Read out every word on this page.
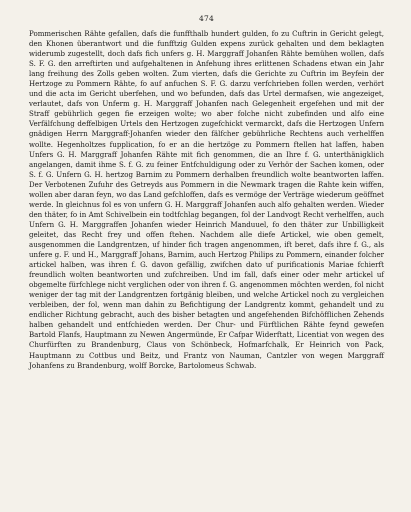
474

Pommerischen Rähte gefallen, dafs die funffthalb hundert gulden, fo zu Cuftrin in Gericht gelegt, den Khonen überantwort und die funfftzig Gulden expens zurück gehalten und dem beklagten widerumb zugestellt, doch dafs fich unfers g. H. Marggraff Johanfen Rähte bemühen wollen, dafs S. F. G. den arreftirten und aufgehaltenen in Anfehung ihres erlittenen Schadens etwan ein Jahr lang freihung des Zolls geben wolten. Zum vierten, dafs die Gerichte zu Cuftrin im Beyfein der Hertzoge zu Pommern Rähte, fo auf anfuchen S. F. G. darzu verfchrieben follen werden, verhört und die acta im Gericht uberfehen, und wo befunden, dafs das Urtel dermafsen, wie angezeiget, verlautet, dafs von Unferm g. H. Marggraff Johanfen nach Gelegenheit ergefehen und mit der Straff gebührlich gegen fie erzeigen wolte; wo aber folche nicht zubefinden und alfo eine Verfälfchung deffelbigen Urtels den Hertzogen zugefchickt vermarckt, dafs die Hertzogen Unfern gnädigen Herrn Marggraff-Johanfen wieder den fälfcher gebührliche Rechtens auch verhelffen wollte. Hegenholtzes fupplication, fo er an die hertzöge zu Pommern ftellen hat laffen, haben Unfers G. H. Marggraff Johanfen Rähte mit fich genommen, die an Ihre f. G. unterthänigklich angelangen, damit ihme S. f. G. zu feiner Entfchuldigung oder zu Verhör der Sachen komen, oder S. f. G. Unfern G. H. hertzog Barnim zu Pommern derhalben freundlich wolte beantworten laffen. Der Verbotenen Zufuhr des Getreyds aus Pommern in die Newmark tragen die Rahte kein wiffen, wollen aber daran feyn, wo das Land gefchloffen, dafs es vermöge der Verträge wiederum geöffnet werde. In gleichnus fol es von unfern G. H. Marggraff Johanfen auch alfo gehalten werden. Wieder den thäter, fo in Amt Schivelbein ein todtfchlag begangen, fol der Landvogt Recht verhelffen, auch Unfern G. H. Marggraffen Johanfen wieder Heinrich Manduuel, fo den thäter zur Unbilligkeit geleitet, das Recht frey und offen ftehen. Nachdem alle diefe Artickel, wie oben gemelt, ausgenommen die Landgrentzen, uf hinder fich tragen angenommen, ift beret, dafs ihre f. G., als unfere g. F. und H., Marggraff Johans, Barnim, auch Hertzog Philips zu Pommern, einander folcher artickel halben, was ihren f. G. davon gefällig, zwifchen dato uf purificationis Mariae fchierft freundlich wolten beantworten und zufchreiben. Und im fall, dafs einer oder mehr artickel uf obgemelte fürfchlege nicht verglichen oder von ihren f. G. angenommen möchten werden, fol nicht weniger der tag mit der Landgrentzen fortgänig bleiben, und welche Artickel noch zu vergleichen verbleiben, der fol, wenn man dahin zu Befichtigung der Landgrentz kommt, gehandelt und zu endlicher Richtung gebracht, auch des bisher betagten und angefehenden Bifchöfflichen Zehends halben gehandelt und entfchieden werden. Der Chur- und Fürftlichen Rähte feynd gewefen Bartold Flanfs, Hauptmann zu Newen Angermünde, Er Cafpar Widerftatt, Licentiat von wegen des Churfürften zu Brandenburg, Claus von Schönbeck, Hofmarfchalk, Er Heinrich von Pack, Hauptmann zu Cottbus und Beitz, und Frantz von Nauman, Cantzler von wegen Marggraff Johanfens zu Brandenburg, wolff Borcke, Bartolomeus Schwab.
